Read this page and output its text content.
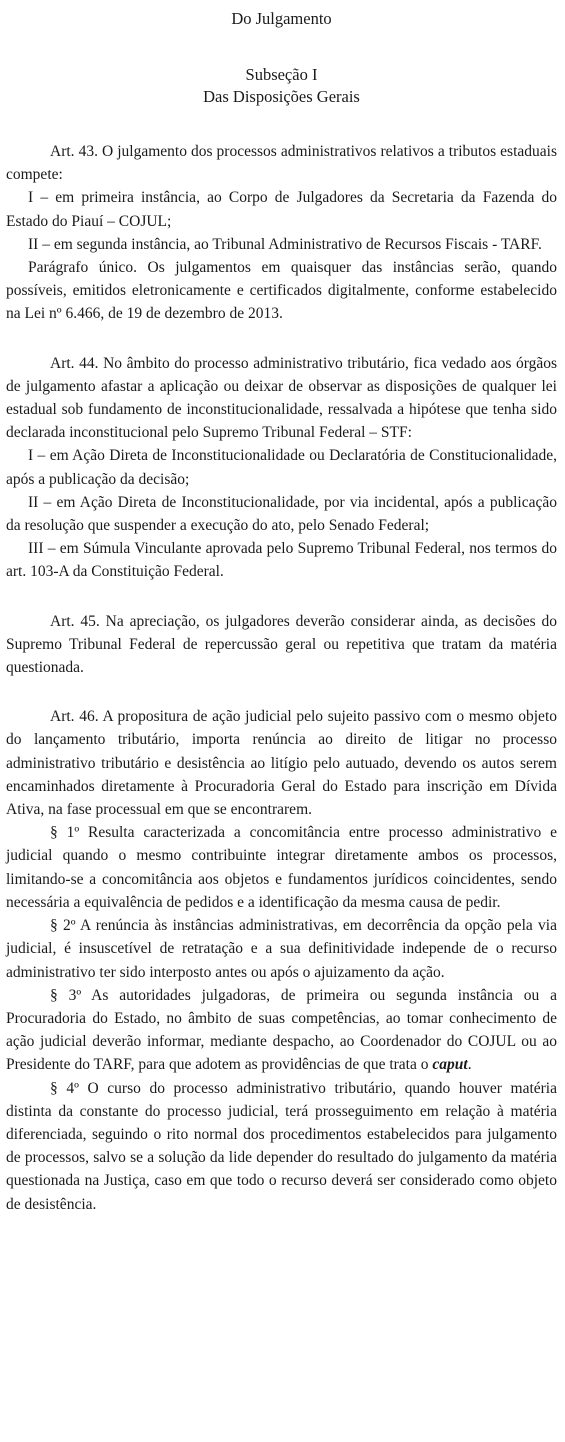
Do Julgamento
Subseção I
Das Disposições Gerais

Art. 43. O julgamento dos processos administrativos relativos a tributos estaduais compete:

I – em primeira instância, ao Corpo de Julgadores da Secretaria da Fazenda do Estado do Piauí – COJUL;

II – em segunda instância, ao Tribunal Administrativo de Recursos Fiscais - TARF.

Parágrafo único. Os julgamentos em quaisquer das instâncias serão, quando possíveis, emitidos eletronicamente e certificados digitalmente, conforme estabelecido na Lei nº 6.466, de 19 de dezembro de 2013.

Art. 44. No âmbito do processo administrativo tributário, fica vedado aos órgãos de julgamento afastar a aplicação ou deixar de observar as disposições de qualquer lei estadual sob fundamento de inconstitucionalidade, ressalvada a hipótese que tenha sido declarada inconstitucional pelo Supremo Tribunal Federal – STF:

I – em Ação Direta de Inconstitucionalidade ou Declaratória de Constitucionalidade, após a publicação da decisão;

II – em Ação Direta de Inconstitucionalidade, por via incidental, após a publicação da resolução que suspender a execução do ato, pelo Senado Federal;

III – em Súmula Vinculante aprovada pelo Supremo Tribunal Federal, nos termos do art. 103-A da Constituição Federal.

Art. 45. Na apreciação, os julgadores deverão considerar ainda, as decisões do Supremo Tribunal Federal de repercussão geral ou repetitiva que tratam da matéria questionada.

Art. 46. A propositura de ação judicial pelo sujeito passivo com o mesmo objeto do lançamento tributário, importa renúncia ao direito de litigar no processo administrativo tributário e desistência ao litígio pelo autuado, devendo os autos serem encaminhados diretamente à Procuradoria Geral do Estado para inscrição em Dívida Ativa, na fase processual em que se encontrarem.

§ 1º Resulta caracterizada a concomitância entre processo administrativo e judicial quando o mesmo contribuinte integrar diretamente ambos os processos, limitando-se a concomitância aos objetos e fundamentos jurídicos coincidentes, sendo necessária a equivalência de pedidos e a identificação da mesma causa de pedir.

§ 2º A renúncia às instâncias administrativas, em decorrência da opção pela via judicial, é insuscetível de retratação e a sua definitividade independe de o recurso administrativo ter sido interposto antes ou após o ajuizamento da ação.

§ 3º As autoridades julgadoras, de primeira ou segunda instância ou a Procuradoria do Estado, no âmbito de suas competências, ao tomar conhecimento de ação judicial deverão informar, mediante despacho, ao Coordenador do COJUL ou ao Presidente do TARF, para que adotem as providências de que trata o caput.

§ 4º O curso do processo administrativo tributário, quando houver matéria distinta da constante do processo judicial, terá prosseguimento em relação à matéria diferenciada, seguindo o rito normal dos procedimentos estabelecidos para julgamento de processos, salvo se a solução da lide depender do resultado do julgamento da matéria questionada na Justiça, caso em que todo o recurso deverá ser considerado como objeto de desistência.
